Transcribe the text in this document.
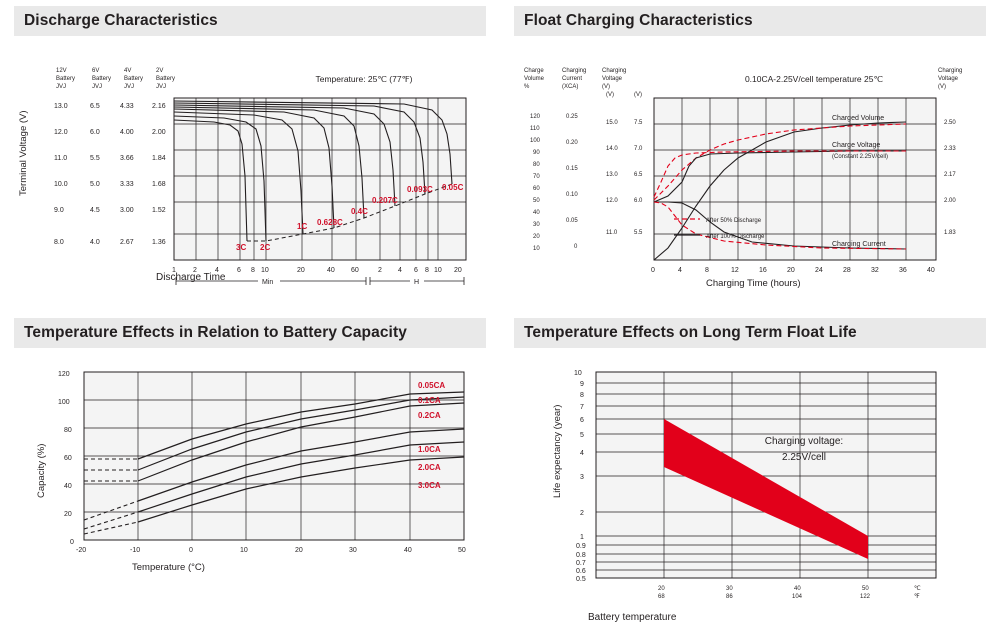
Discharge Characteristics
Terminal Voltage (V)
12V
Battery
JVJ
6V
Battery
JVJ
4V
Battery
JVJ
2V
Battery
JVJ
13.0
12.0
11.0
10.0
9.0
8.0
6.5
6.0
5.5
5.0
4.5
4.0
4.33
4.00
3.66
3.33
3.00
2.67
2.16
2.00
1.84
1.68
1.52
1.36
3C 2C
1C 0.628C
0.4C
0.207C
0.093C 0.05C
Temperature: 25℃ (77℉)
1 2	4	6 8 10	20	40 60	2 4 6 8 10 20
Min	H
Discharge Time
Float Charging Characteristics
Charge
Volume
%
Charging
Current
(XCA)
Charging
Voltage
(V)
Charging
Voltage
(V)
120
110
100
90
80
70
60
50
40
30
20
10
0.25
0.20
0.15
0.10
0.05
0
(V)
15.0
14.0
13.0
12.0
11.0
(V)
7.5
7.0
6.5
6.0
5.5
2.50
2.33
2.17
2.00
1.83
0.10CA-2.25V/cell temperature 25℃
Charged Volume
Charge Voltage
(Constant 2.25V/cell)
Charging Current
After 50% Discharge
After 100% Discharge
0	4	8	12	16	20	24	28	32	36	40
Charging Time (hours)
Temperature Effects in Relation to Battery Capacity
Capacity (%)
120
100
80
60
40
20
0
0.05CA
0.1CA
0.2CA
1.0CA
2.0CA
3.0CA
-20	-10	0	10	20	30	40	50
Temperature (°C)
Temperature Effects on Long Term Float Life
Life expectancy (year)
10
9
8
7
6
5
4
3
2
1
0.9
0.8
0.7
0.6
0.5
Charging voltage:
2.25V/cell
20
68
30
86
40
104
50
122
℃
℉
Battery temperature
